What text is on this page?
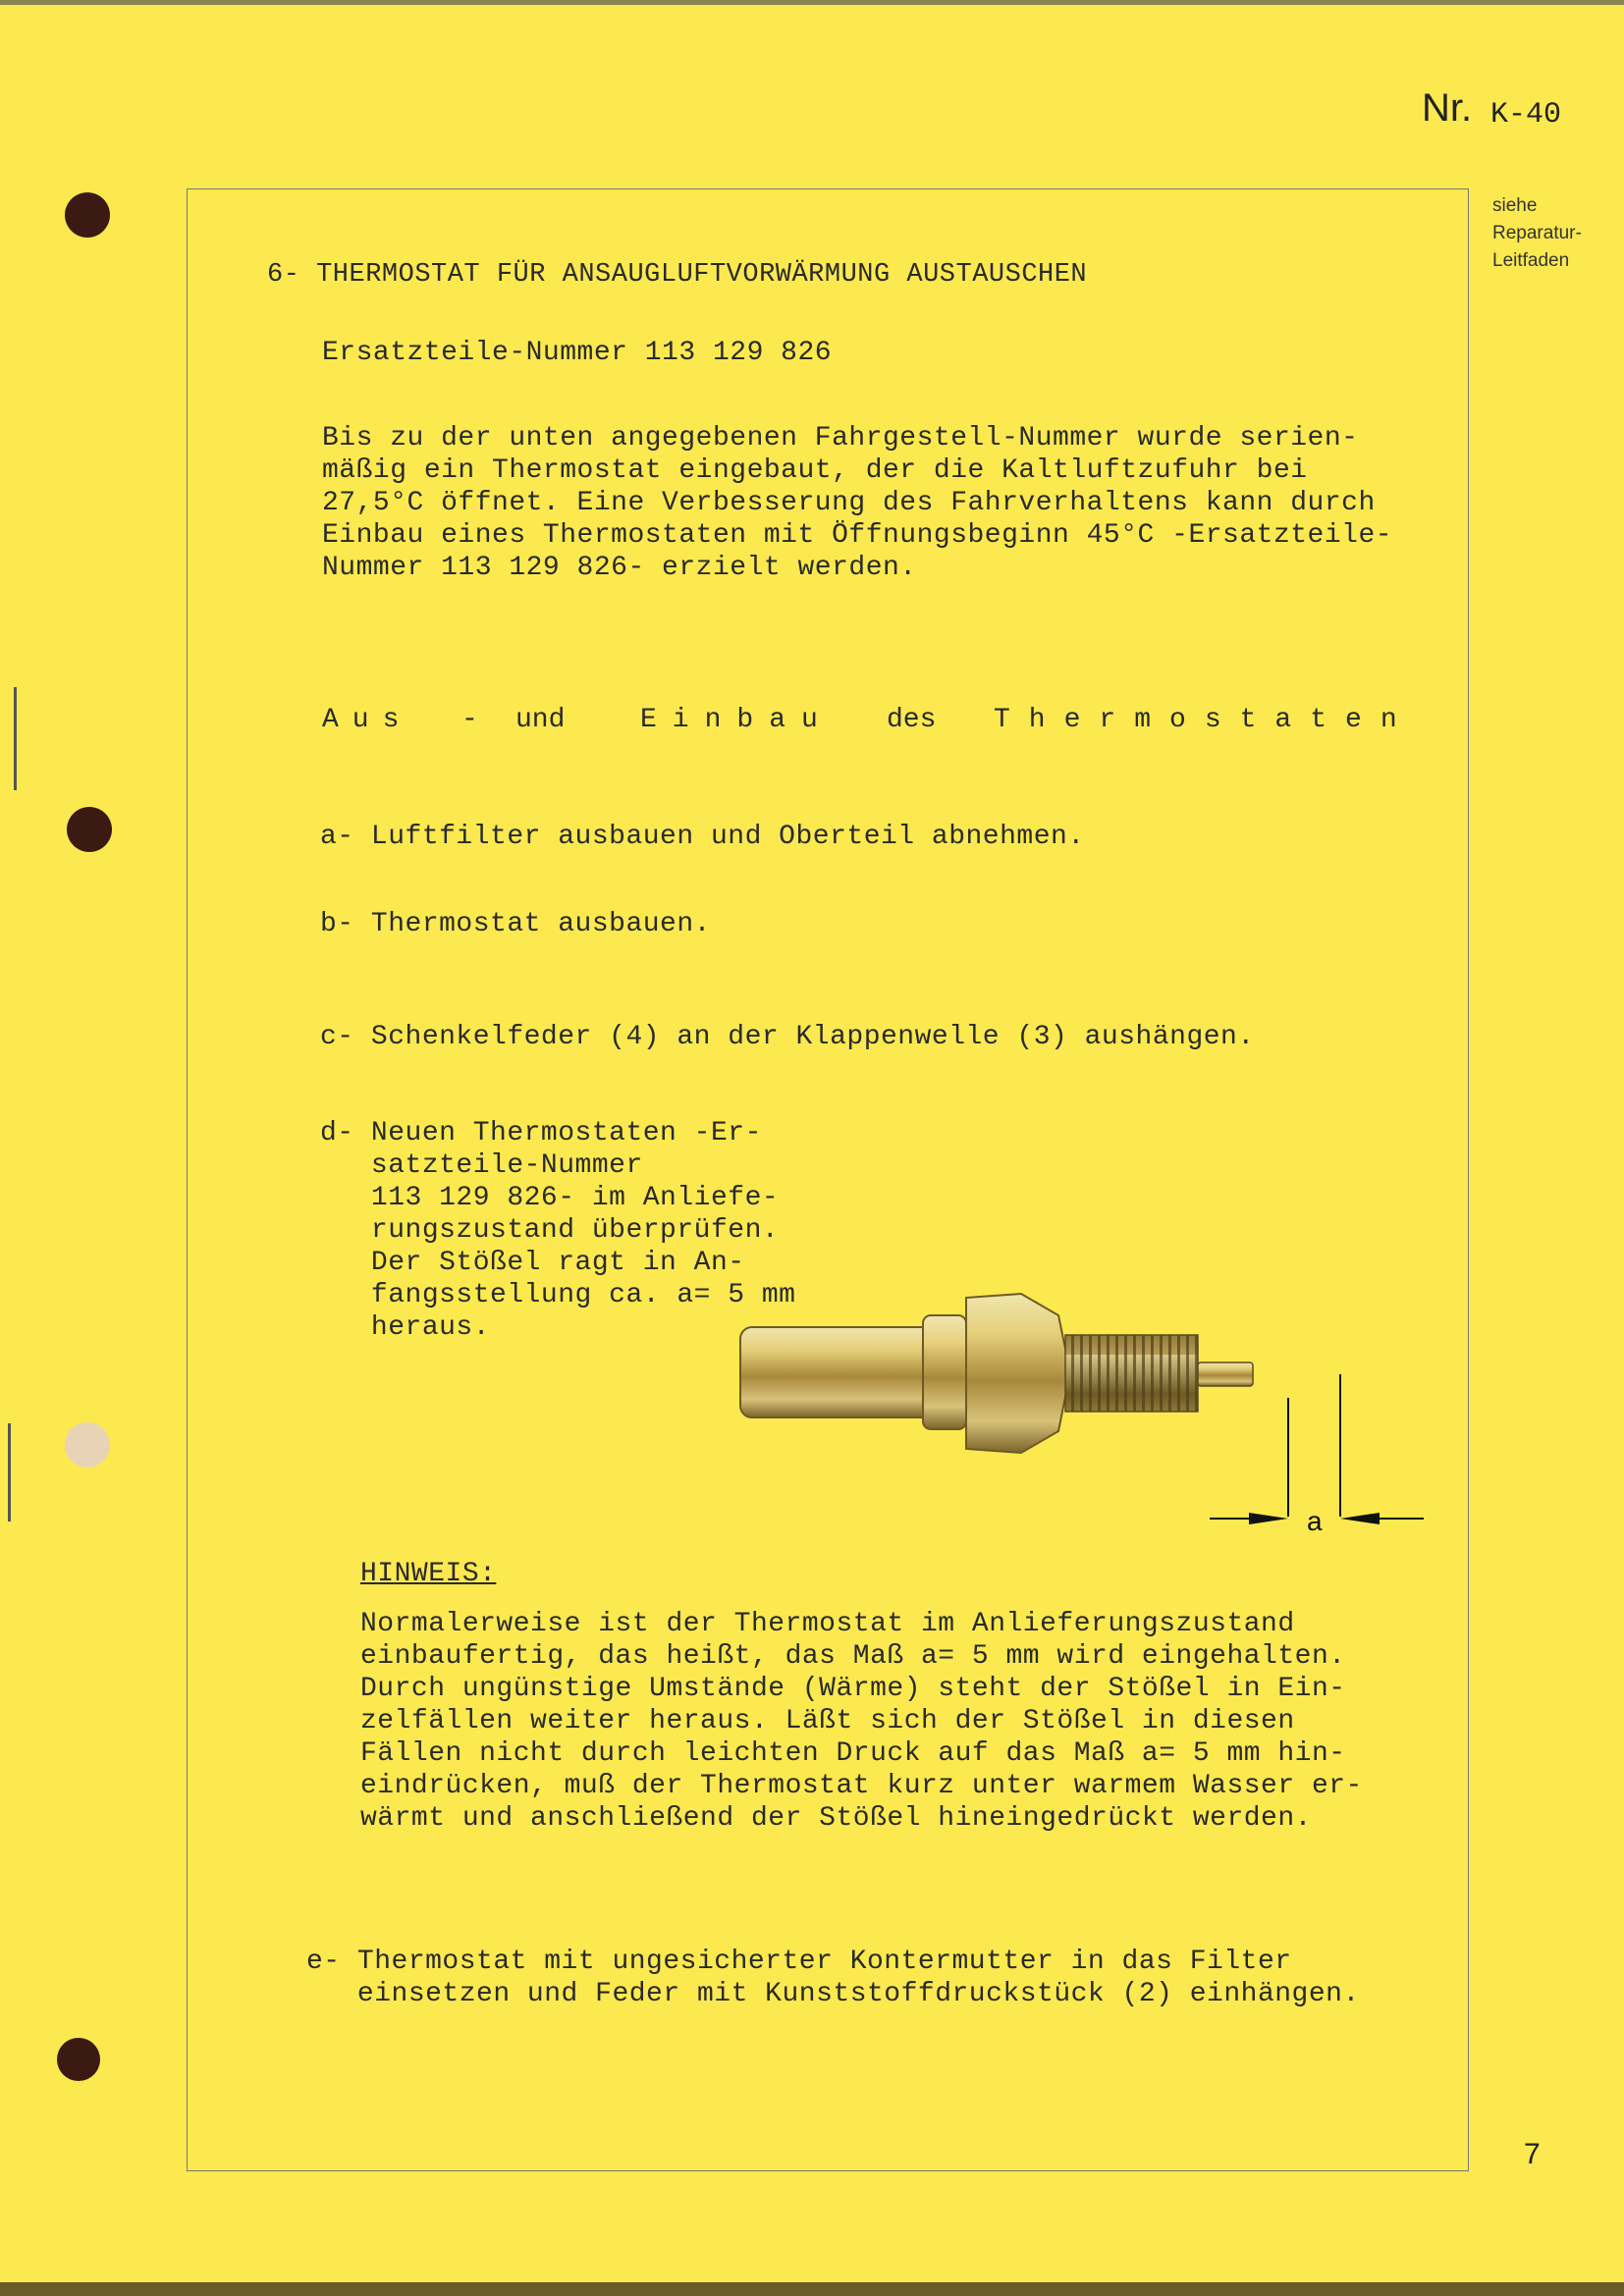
Nr. K-40
siehe
Reparatur-
Leitfaden
6- THERMOSTAT FÜR ANSAUGLUFTVORWÄRMUNG AUSTAUSCHEN
Ersatzteile-Nummer 113 129 826
Bis zu der unten angegebenen Fahrgestell-Nummer wurde serien-
mäßig ein Thermostat eingebaut, der die Kaltluftzufuhr bei
27,5°C öffnet. Eine Verbesserung des Fahrverhaltens kann durch
Einbau eines Thermostaten mit Öffnungsbeginn 45°C -Ersatzteile-
Nummer 113 129 826- erzielt werden.
Aus - und	Einbau des Thermostaten
a- Luftfilter ausbauen und Oberteil abnehmen.
b- Thermostat ausbauen.
c- Schenkelfeder (4) an der Klappenwelle (3) aushängen.
d- Neuen Thermostaten -Er-
satzteile-Nummer
113 129 826- im Anliefe-
rungszustand überprüfen.
Der Stößel ragt in An-
fangsstellung ca. a= 5 mm
heraus.
a
HINWEIS:
Normalerweise ist der Thermostat im Anlieferungszustand
einbaufertig, das heißt, das Maß a= 5 mm wird eingehalten.
Durch ungünstige Umstände (Wärme) steht der Stößel in Ein-
zelfällen weiter heraus. Läßt sich der Stößel in diesen
Fällen nicht durch leichten Druck auf das Maß a= 5 mm hin-
eindrücken, muß der Thermostat kurz unter warmem Wasser er-
wärmt und anschließend der Stößel hineingedrückt werden.
e- Thermostat mit ungesicherter Kontermutter in das Filter
einsetzen und Feder mit Kunststoffdruckstück (2) einhängen.
7
